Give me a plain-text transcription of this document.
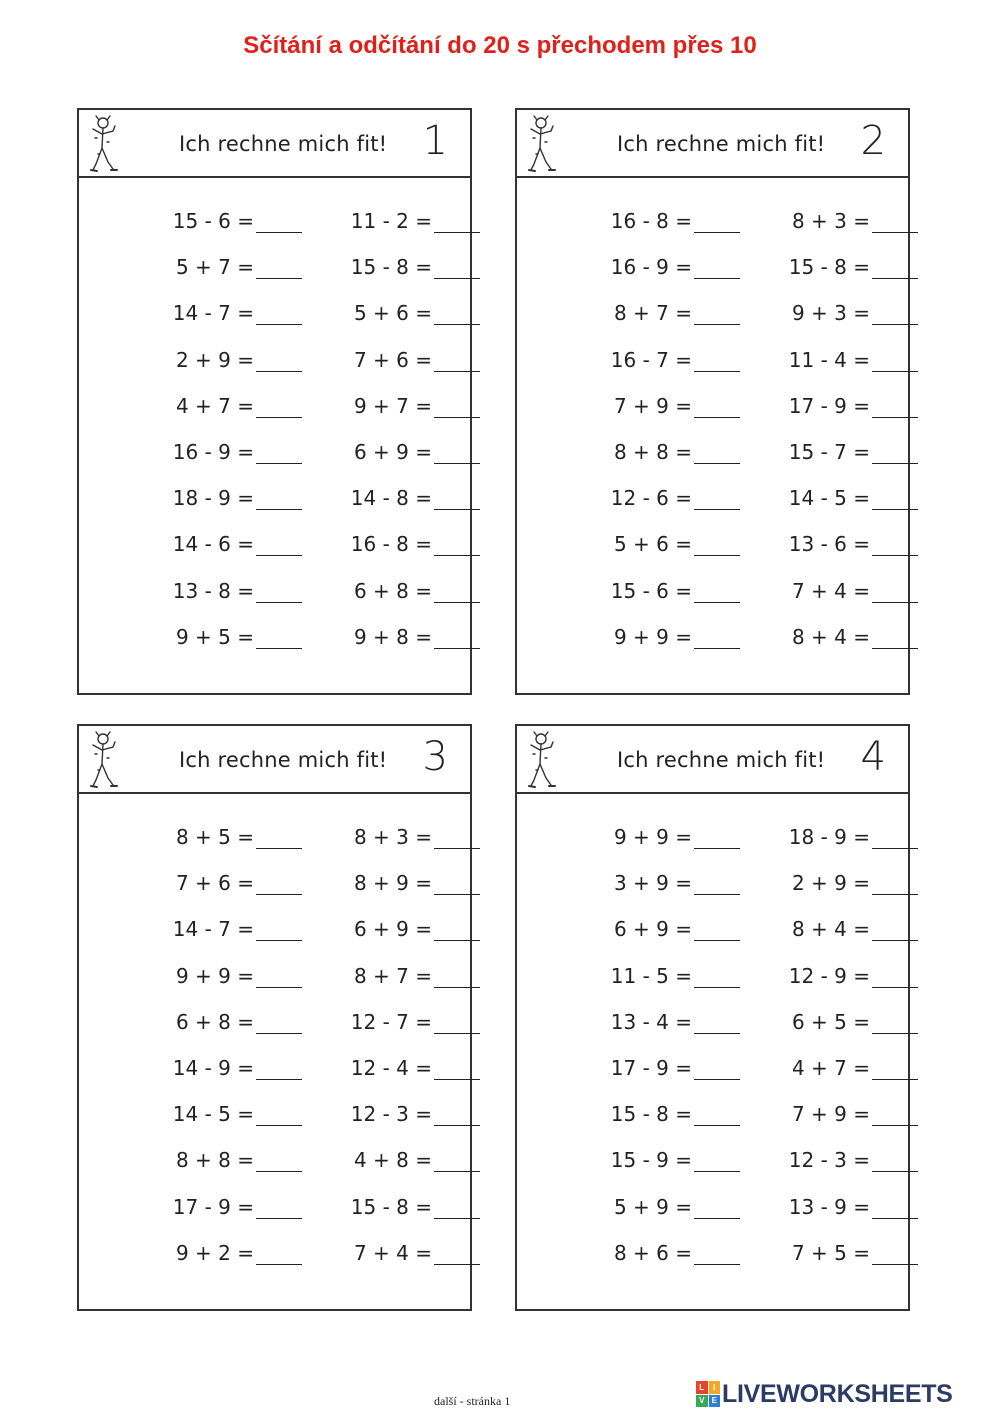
Sčítání a odčítání do 20 s přechodem přes 10
Ich rechne mich fit! 1
15 - 6 =	11 - 2 =
5 + 7 =	15 - 8 =
14 - 7 =	5 + 6 =
2 + 9 =	7 + 6 =
4 + 7 =	9 + 7 =
16 - 9 =	6 + 9 =
18 - 9 =	14 - 8 =
14 - 6 =	16 - 8 =
13 - 8 =	6 + 8 =
9 + 5 =	9 + 8 =
Ich rechne mich fit! 2
16 - 8 =	8 + 3 =
16 - 9 =	15 - 8 =
8 + 7 =	9 + 3 =
16 - 7 =	11 - 4 =
7 + 9 =	17 - 9 =
8 + 8 =	15 - 7 =
12 - 6 =	14 - 5 =
5 + 6 =	13 - 6 =
15 - 6 =	7 + 4 =
9 + 9 =	8 + 4 =
Ich rechne mich fit! 3
8 + 5 =	8 + 3 =
7 + 6 =	8 + 9 =
14 - 7 =	6 + 9 =
9 + 9 =	8 + 7 =
6 + 8 =	12 - 7 =
14 - 9 =	12 - 4 =
14 - 5 =	12 - 3 =
8 + 8 =	4 + 8 =
17 - 9 =	15 - 8 =
9 + 2 =	7 + 4 =
Ich rechne mich fit! 4
9 + 9 =	18 - 9 =
3 + 9 =	2 + 9 =
6 + 9 =	8 + 4 =
11 - 5 =	12 - 9 =
13 - 4 =	6 + 5 =
17 - 9 =	4 + 7 =
15 - 8 =	7 + 9 =
15 - 9 =	12 - 3 =
5 + 9 =	13 - 9 =
8 + 6 =	7 + 5 =
další - stránka 1
L	I
V E LIVEWORKSHEETS
